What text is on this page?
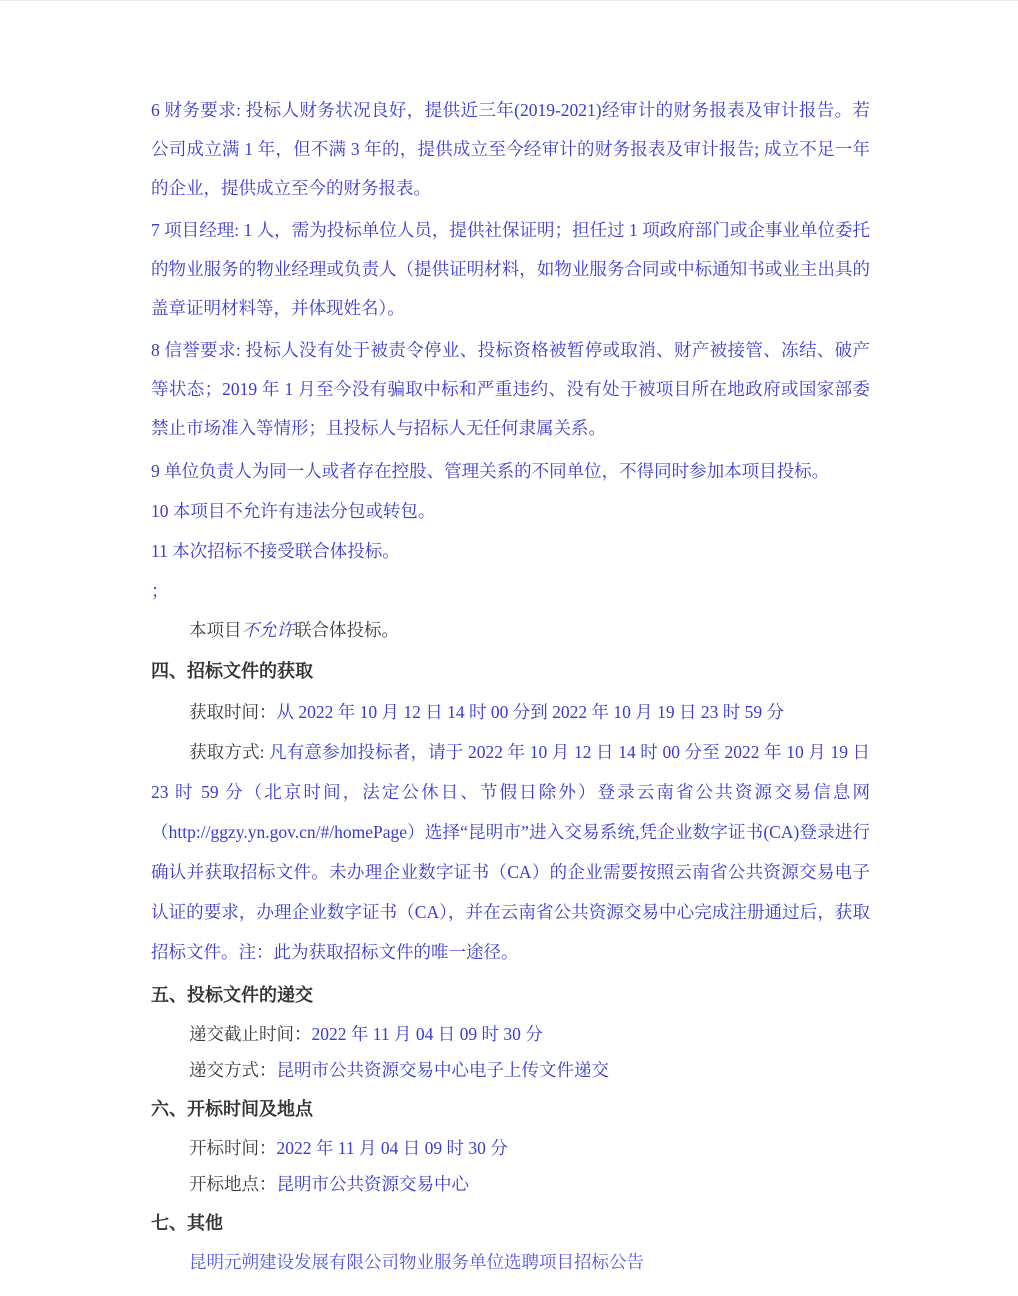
6 财务要求: 投标人财务状况良好，提供近三年(2019-2021)经审计的财务报表及审计报告。若公司成立满 1 年，但不满 3 年的，提供成立至今经审计的财务报表及审计报告; 成立不足一年的企业，提供成立至今的财务报表。

7 项目经理: 1 人，需为投标单位人员，提供社保证明；担任过 1 项政府部门或企事业单位委托的物业服务的物业经理或负责人（提供证明材料，如物业服务合同或中标通知书或业主出具的盖章证明材料等，并体现姓名）。

8 信誉要求: 投标人没有处于被责令停业、投标资格被暂停或取消、财产被接管、冻结、破产等状态；2019 年 1 月至今没有骗取中标和严重违约、没有处于被项目所在地政府或国家部委禁止市场准入等情形；且投标人与招标人无任何隶属关系。

9 单位负责人为同一人或者存在控股、管理关系的不同单位，不得同时参加本项目投标。

10 本项目不允许有违法分包或转包。

11 本次招标不接受联合体投标。

；

本项目不允许联合体投标。

四、招标文件的获取

获取时间：从 2022 年 10 月 12 日 14 时 00 分到 2022 年 10 月 19 日 23 时 59 分

获取方式: 凡有意参加投标者，请于 2022 年 10 月 12 日 14 时 00 分至 2022 年 10 月 19 日 23 时 59 分（北京时间，法定公休日、节假日除外）登录云南省公共资源交易信息网（http://ggzy.yn.gov.cn/#/homePage）选择“昆明市”进入交易系统,凭企业数字证书(CA)登录进行确认并获取招标文件。未办理企业数字证书（CA）的企业需要按照云南省公共资源交易电子认证的要求，办理企业数字证书（CA），并在云南省公共资源交易中心完成注册通过后，获取招标文件。注：此为获取招标文件的唯一途径。

五、投标文件的递交

递交截止时间：2022 年 11 月 04 日 09 时 30 分

递交方式：昆明市公共资源交易中心电子上传文件递交

六、开标时间及地点

开标时间：2022 年 11 月 04 日 09 时 30 分

开标地点：昆明市公共资源交易中心

七、其他

昆明元朔建设发展有限公司物业服务单位选聘项目招标公告
